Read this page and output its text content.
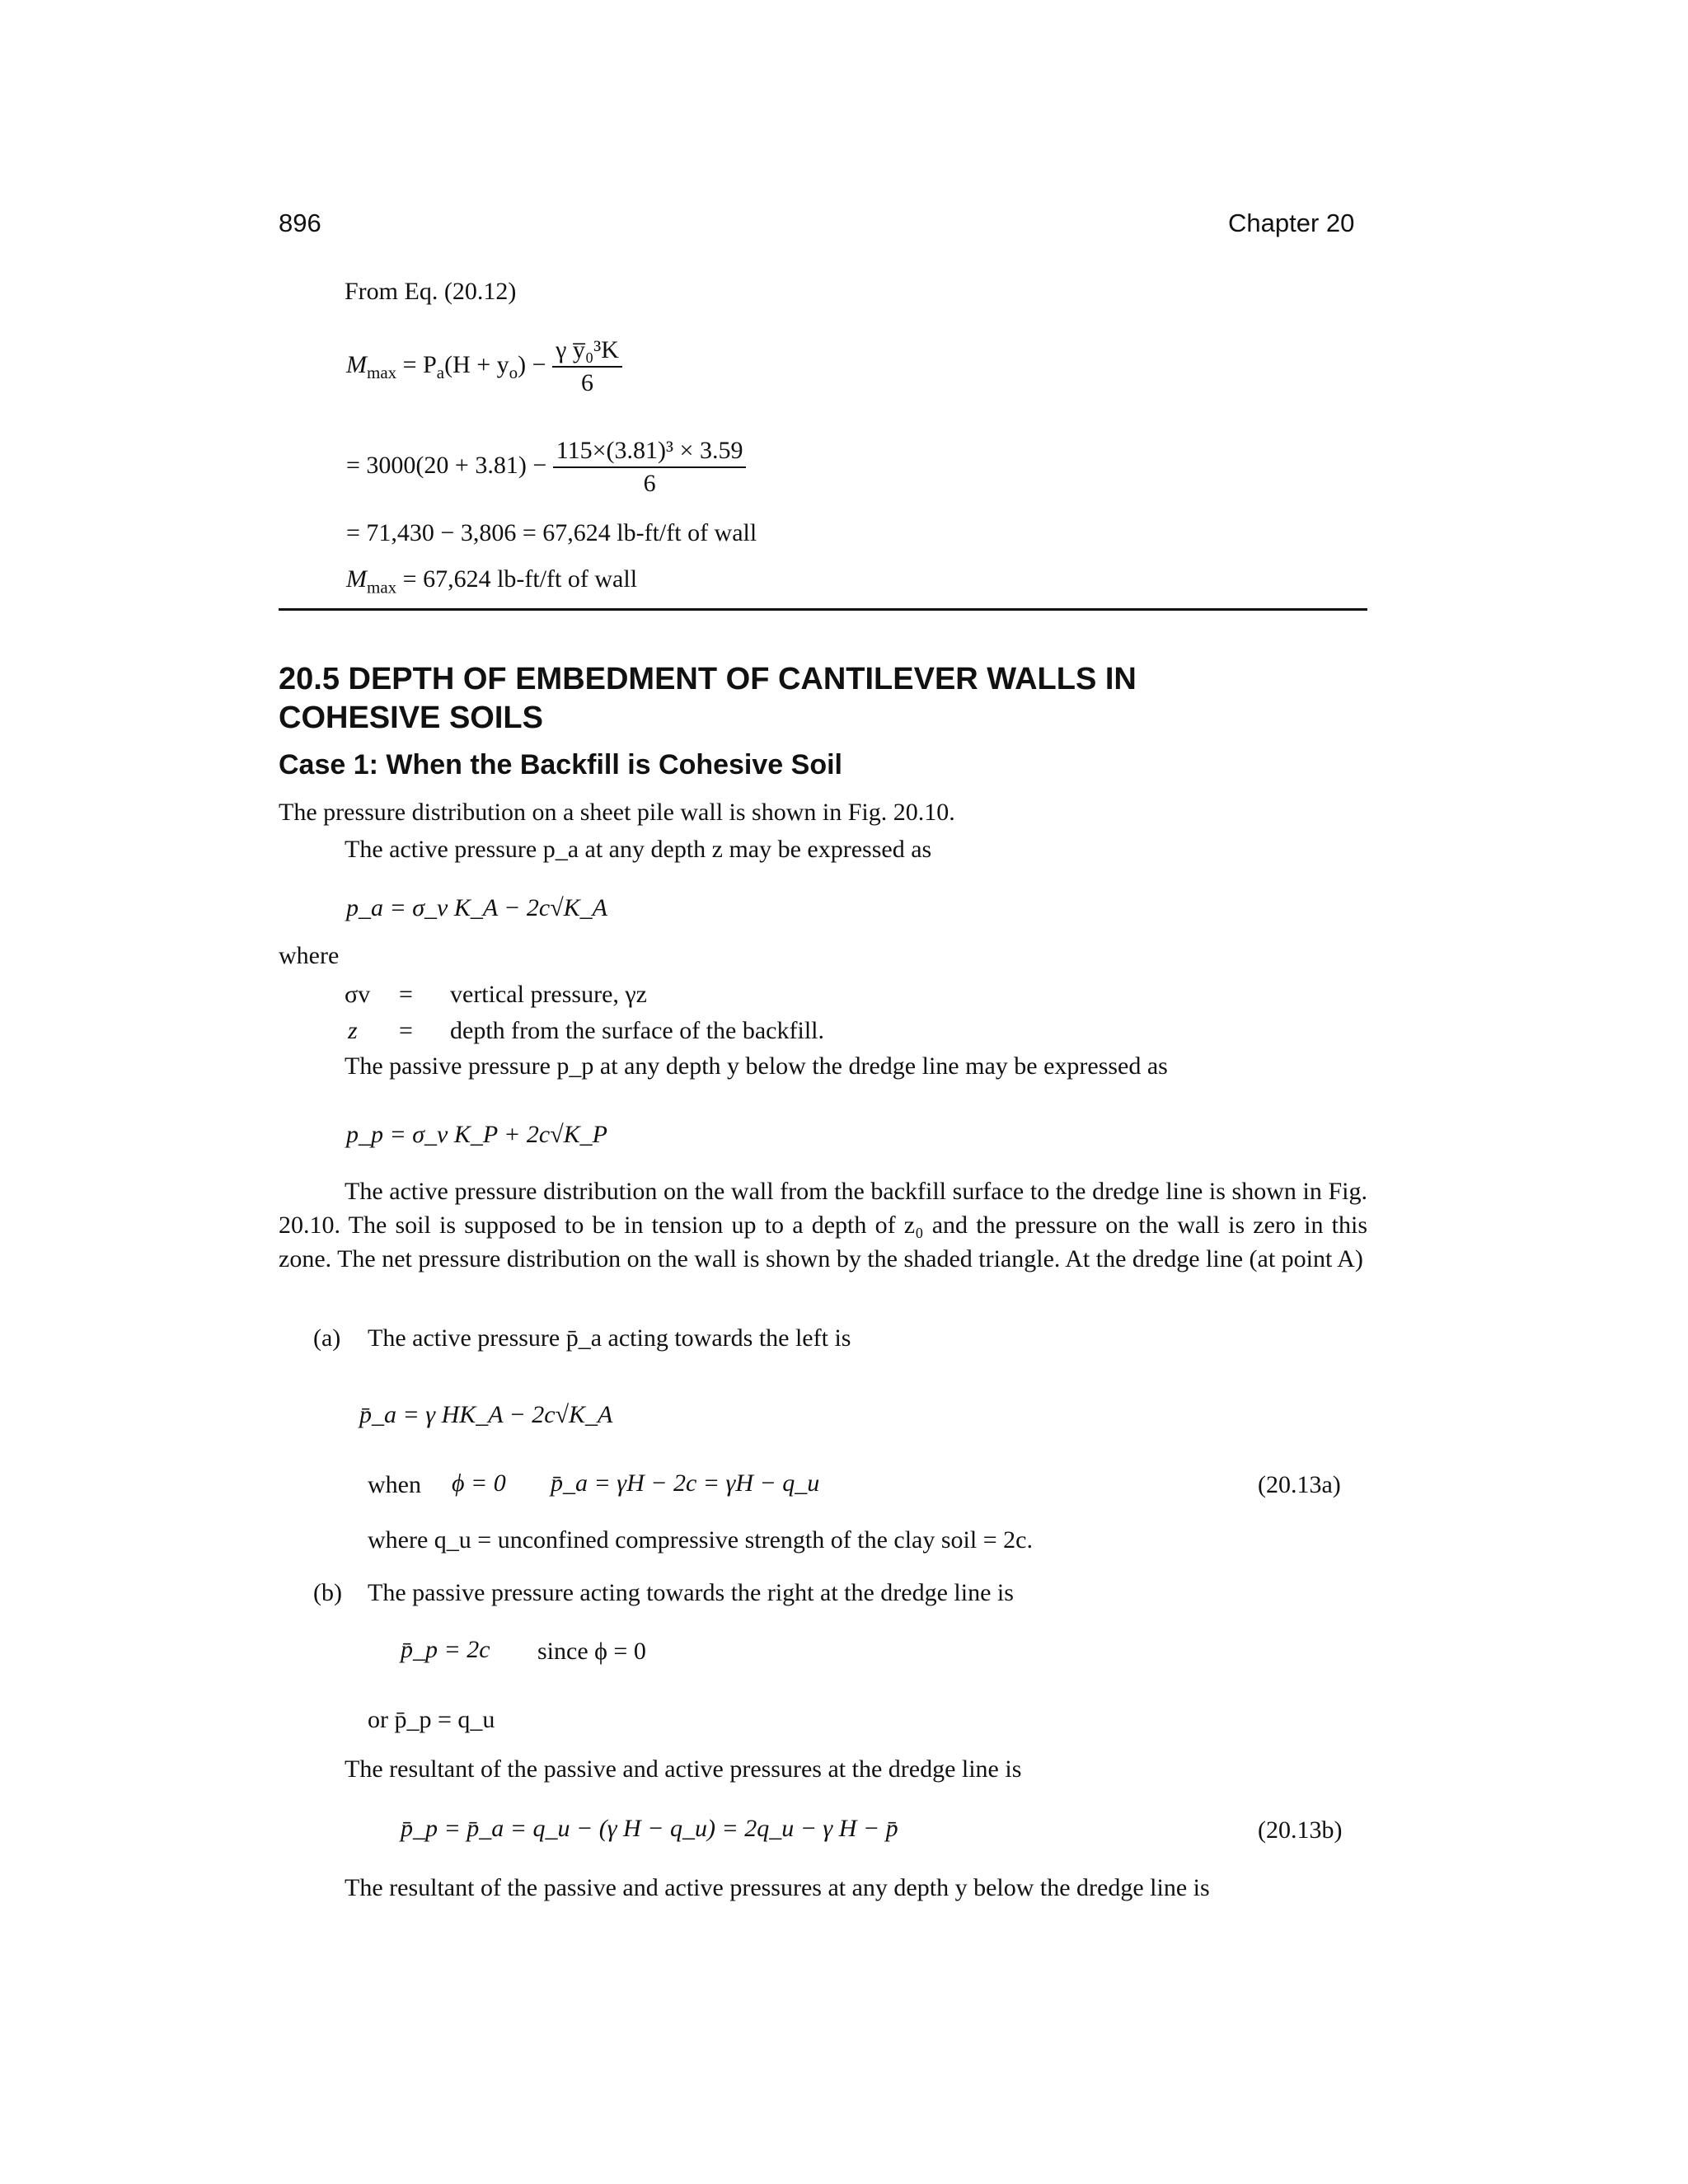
896	Chapter 20
From Eq. (20.12)
$M_{max} = P_a(H + y_o) - \frac{\text{γ y̅₀³K}}{6}$
= $3000(20 + 3.81) - \frac{\text{115×(3.81)³ × 3.59}}{6}$
= 71,430 − 3,806 = 67,624 lb-ft/ft of wall
$M_{max} = 67,624$ lb-ft/ft of wall
20.5 DEPTH OF EMBEDMENT OF CANTILEVER WALLS IN
COHESIVE SOILS
Case 1: When the Backfill is Cohesive Soil
The pressure distribution on a sheet pile wall is shown in Fig. 20.10.
The active pressure p_a at any depth z may be expressed as
p_a = σ_v K_A − 2c√K_A
where
σv = vertical pressure, γz
z = depth from the surface of the backfill.
The passive pressure p_p at any depth y below the dredge line may be expressed as
p_p = σ_v K_P + 2c√K_P
The active pressure distribution on the wall from the backfill surface to the dredge line is shown in Fig. 20.10. The soil is supposed to be in tension up to a depth of z₀ and the pressure on the wall is zero in this zone. The net pressure distribution on the wall is shown by the shaded triangle. At the dredge line (at point A)
(a) The active pressure p̄_a acting towards the left is
p̄_a = γ HK_A − 2c√K_A
when ϕ = 0 p̄_a = γH − 2c = γH − q_u	(20.13a)
where q_u = unconfined compressive strength of the clay soil = 2c.
(b) The passive pressure acting towards the right at the dredge line is
p̄_p = 2c since ϕ = 0
or p̄_p = q_u
The resultant of the passive and active pressures at the dredge line is
p̄_p = p̄_a = q_u − (γ H − q_u) = 2q_u − γ H − p̄	(20.13b)
The resultant of the passive and active pressures at any depth y below the dredge line is
